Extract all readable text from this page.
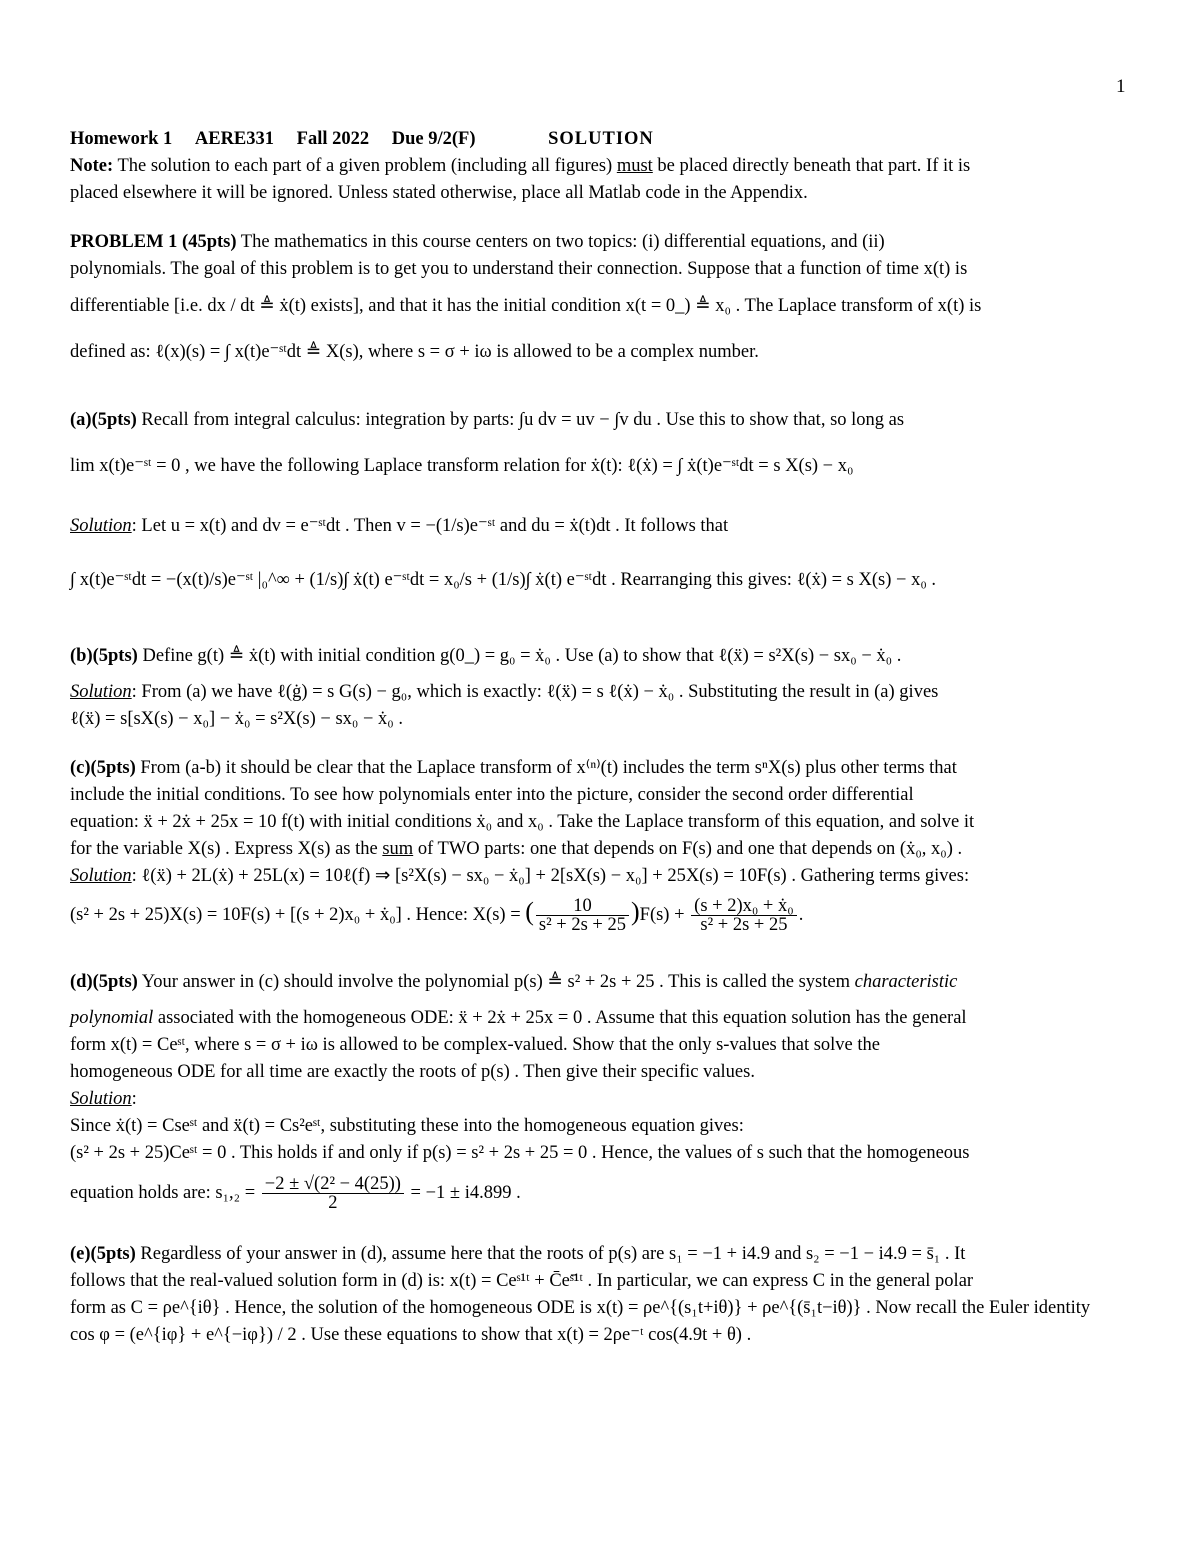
1
Homework 1 AERE331 Fall 2022 Due 9/2(F)	SOLUTION
Note: The solution to each part of a given problem (including all figures) must be placed directly beneath that part. If it is
placed elsewhere it will be ignored. Unless stated otherwise, place all Matlab code in the Appendix.
PROBLEM 1 (45pts) The mathematics in this course centers on two topics: (i) differential equations, and (ii)
polynomials. The goal of this problem is to get you to understand their connection. Suppose that a function of time x(t) is
differentiable [i.e. dx / dt ≜ ẋ(t) exists], and that it has the initial condition x(t = 0_) ≜ x₀ . The Laplace transform of x(t) is
defined as: ℓ(x)(s) = ∫ x(t)e⁻ˢᵗdt ≜ X(s), where s = σ + iω is allowed to be a complex number.
(a)(5pts) Recall from integral calculus: integration by parts: ∫u dv = uv − ∫v du . Use this to show that, so long as
lim x(t)e⁻ˢᵗ = 0 , we have the following Laplace transform relation for ẋ(t): ℓ(ẋ) = ∫ ẋ(t)e⁻ˢᵗdt = s X(s) − x₀
Solution: Let u = x(t) and dv = e⁻ˢᵗdt . Then v = −(1/s)e⁻ˢᵗ and du = ẋ(t)dt . It follows that
∫ x(t)e⁻ˢᵗdt = −(x(t)/s)e⁻ˢᵗ |₀^∞ + (1/s)∫ ẋ(t) e⁻ˢᵗdt = x₀/s + (1/s)∫ ẋ(t) e⁻ˢᵗdt . Rearranging this gives: ℓ(ẋ) = s X(s) − x₀ .
(b)(5pts) Define g(t) ≜ ẋ(t) with initial condition g(0_) = g₀ = ẋ₀ . Use (a) to show that ℓ(ẍ) = s²X(s) − sx₀ − ẋ₀ .
Solution: From (a) we have ℓ(ġ) = s G(s) − g₀, which is exactly: ℓ(ẍ) = s ℓ(ẋ) − ẋ₀ . Substituting the result in (a) gives
ℓ(ẍ) = s[sX(s) − x₀] − ẋ₀ = s²X(s) − sx₀ − ẋ₀ .
(c)(5pts) From (a-b) it should be clear that the Laplace transform of x⁽ⁿ⁾(t) includes the term sⁿX(s) plus other terms that
include the initial conditions. To see how polynomials enter into the picture, consider the second order differential
equation: ẍ + 2ẋ + 25x = 10 f(t) with initial conditions ẋ₀ and x₀ . Take the Laplace transform of this equation, and solve it
for the variable X(s) . Express X(s) as the sum of TWO parts: one that depends on F(s) and one that depends on (ẋ₀, x₀) .
Solution: ℓ(ẍ) + 2L(ẋ) + 25L(x) = 10ℓ(f) ⇒ [s²X(s) − sx₀ − ẋ₀] + 2[sX(s) − x₀] + 25X(s) = 10F(s) . Gathering terms gives:
(s² + 2s + 25)X(s) = 10F(s) + [(s + 2)x₀ + ẋ₀] . Hence: X(s) = ( $\frac{10}{\text{s² + 2s + 25}} )F(s) + \frac{\text{(s + 2)x₀ + ẋ₀}}{\text{s² + 2s + 25}}$ .
(d)(5pts) Your answer in (c) should involve the polynomial p(s) ≜ s² + 2s + 25 . This is called the system characteristic
polynomial associated with the homogeneous ODE: ẍ + 2ẋ + 25x = 0 . Assume that this equation solution has the general
form x(t) = Ceˢᵗ, where s = σ + iω is allowed to be complex-valued. Show that the only s-values that solve the
homogeneous ODE for all time are exactly the roots of p(s) . Then give their specific values.
Solution:
Since ẋ(t) = Cseˢᵗ and ẍ(t) = Cs²eˢᵗ, substituting these into the homogeneous equation gives:
(s² + 2s + 25)Ceˢᵗ = 0 . This holds if and only if p(s) = s² + 2s + 25 = 0 . Hence, the values of s such that the homogeneous
equation holds are: $s_1,_2 = \frac{\text{−2 ± √(2² − 4(25))}}{2} = -1 \pm i4.899$ .
(e)(5pts) Regardless of your answer in (d), assume here that the roots of p(s) are s₁ = −1 + i4.9 and s₂ = −1 − i4.9 = s̄₁ . It
follows that the real-valued solution form in (d) is: x(t) = Ceˢ¹ᵗ + C̄eˢ̄¹ᵗ . In particular, we can express C in the general polar
form as C = ρe^{iθ} . Hence, the solution of the homogeneous ODE is x(t) = ρe^{(s₁t+iθ)} + ρe^{(s̄₁t−iθ)} . Now recall the Euler identity
cos φ = (e^{iφ} + e^{−iφ}) / 2 . Use these equations to show that x(t) = 2ρe⁻ᵗ cos(4.9t + θ) .
